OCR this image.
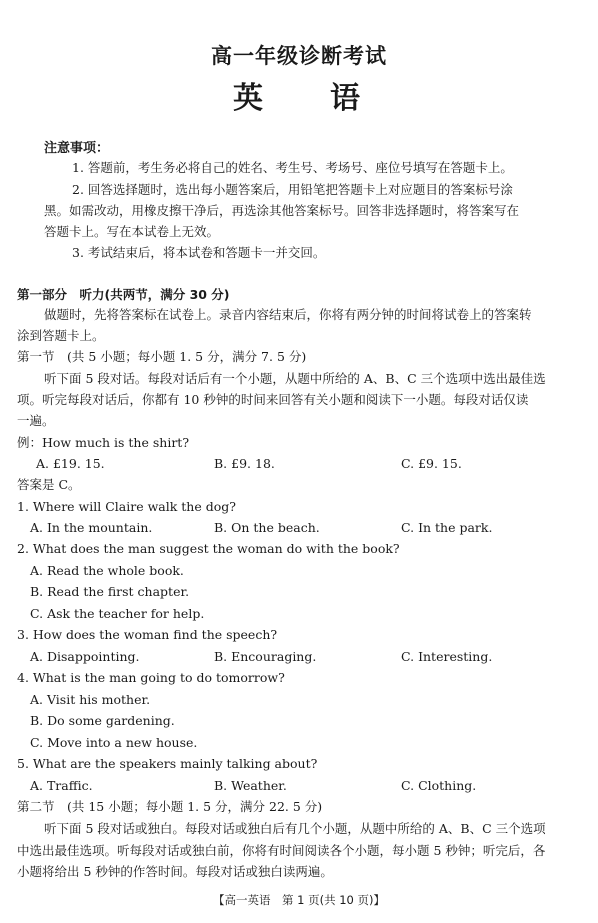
高一年级诊断考试
英 语
注意事项：
1. 答题前，考生务必将自己的姓名、考生号、考场号、座位号填写在答题卡上。
2. 回答选择题时，选出每小题答案后，用铅笔把答题卡上对应题目的答案标号涂
黑。如需改动，用橡皮擦干净后，再选涂其他答案标号。回答非选择题时，将答案写在
答题卡上。写在本试卷上无效。
3. 考试结束后，将本试卷和答题卡一并交回。
第一部分　听力(共两节，满分 30 分)
做题时，先将答案标在试卷上。录音内容结束后，你将有两分钟的时间将试卷上的答案转
涂到答题卡上。
第一节　(共 5 小题；每小题 1. 5 分，满分 7. 5 分)
听下面 5 段对话。每段对话后有一个小题，从题中所给的 A、B、C 三个选项中选出最佳选
项。听完每段对话后，你都有 10 秒钟的时间来回答有关小题和阅读下一小题。每段对话仅读
一遍。
例：How much is the shirt?
A. £19. 15.	B. £9. 18.	C. £9. 15.
答案是 C。
1. Where will Claire walk the dog?
A. In the mountain.	B. On the beach.	C. In the park.
2. What does the man suggest the woman do with the book?
A. Read the whole book.
B. Read the first chapter.
C. Ask the teacher for help.
3. How does the woman find the speech?
A. Disappointing.	B. Encouraging.	C. Interesting.
4. What is the man going to do tomorrow?
A. Visit his mother.
B. Do some gardening.
C. Move into a new house.
5. What are the speakers mainly talking about?
A. Traffic.	B. Weather.	C. Clothing.
第二节　(共 15 小题；每小题 1. 5 分，满分 22. 5 分)
听下面 5 段对话或独白。每段对话或独白后有几个小题，从题中所给的 A、B、C 三个选项
中选出最佳选项。听每段对话或独白前，你将有时间阅读各个小题，每小题 5 秒钟；听完后，各
小题将给出 5 秒钟的作答时间。每段对话或独白读两遍。
【高一英语　第 1 页(共 10 页)】
